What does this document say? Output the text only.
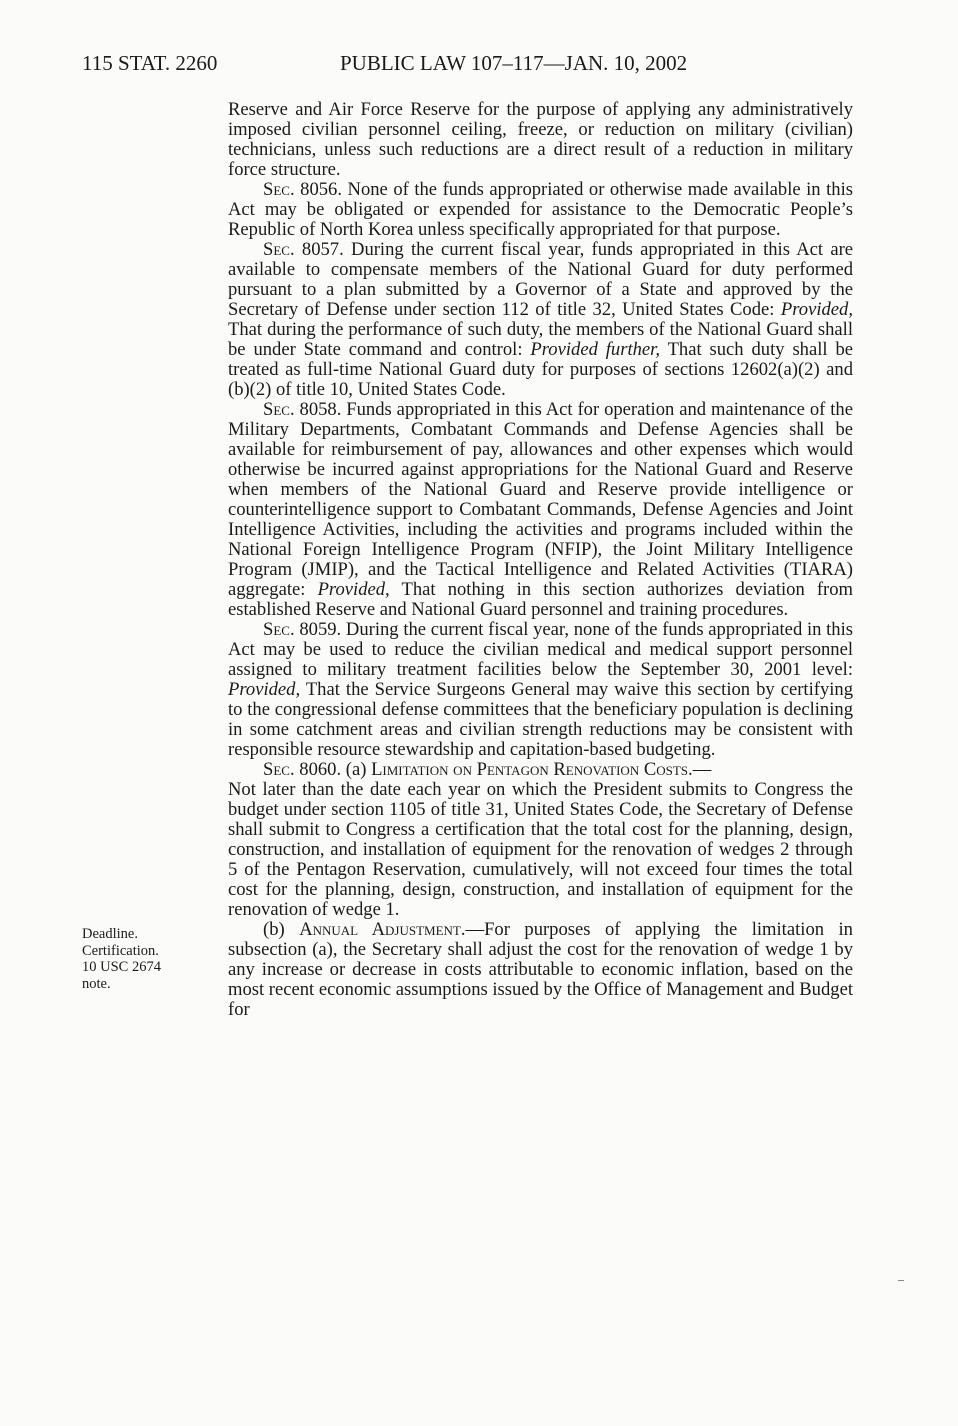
115 STAT. 2260	PUBLIC LAW 107–117—JAN. 10, 2002
Deadline.
Certification.
10 USC 2674
note.

Reserve and Air Force Reserve for the purpose of applying any administratively imposed civilian personnel ceiling, freeze, or reduction on military (civilian) technicians, unless such reductions are a direct result of a reduction in military force structure.

Sec. 8056. None of the funds appropriated or otherwise made available in this Act may be obligated or expended for assistance to the Democratic People’s Republic of North Korea unless specifically appropriated for that purpose.

Sec. 8057. During the current fiscal year, funds appropriated in this Act are available to compensate members of the National Guard for duty performed pursuant to a plan submitted by a Governor of a State and approved by the Secretary of Defense under section 112 of title 32, United States Code: Provided, That during the performance of such duty, the members of the National Guard shall be under State command and control: Provided further, That such duty shall be treated as full-time National Guard duty for purposes of sections 12602(a)(2) and (b)(2) of title 10, United States Code.

Sec. 8058. Funds appropriated in this Act for operation and maintenance of the Military Departments, Combatant Commands and Defense Agencies shall be available for reimbursement of pay, allowances and other expenses which would otherwise be incurred against appropriations for the National Guard and Reserve when members of the National Guard and Reserve provide intelligence or counterintelligence support to Combatant Commands, Defense Agencies and Joint Intelligence Activities, including the activities and programs included within the National Foreign Intelligence Program (NFIP), the Joint Military Intelligence Program (JMIP), and the Tactical Intelligence and Related Activities (TIARA) aggregate: Provided, That nothing in this section authorizes deviation from established Reserve and National Guard personnel and training procedures.

Sec. 8059. During the current fiscal year, none of the funds appropriated in this Act may be used to reduce the civilian medical and medical support personnel assigned to military treatment facilities below the September 30, 2001 level: Provided, That the Service Surgeons General may waive this section by certifying to the congressional defense committees that the beneficiary population is declining in some catchment areas and civilian strength reductions may be consistent with responsible resource stewardship and capitation-based budgeting.

Sec. 8060. (a) Limitation on Pentagon Renovation Costs.—
Not later than the date each year on which the President submits to Congress the budget under section 1105 of title 31, United States Code, the Secretary of Defense shall submit to Congress a certification that the total cost for the planning, design, construction, and installation of equipment for the renovation of wedges 2 through 5 of the Pentagon Reservation, cumulatively, will not exceed four times the total cost for the planning, design, construction, and installation of equipment for the renovation of wedge 1.

(b) Annual Adjustment.—For purposes of applying the limitation in subsection (a), the Secretary shall adjust the cost for the renovation of wedge 1 by any increase or decrease in costs attributable to economic inflation, based on the most recent economic assumptions issued by the Office of Management and Budget for
